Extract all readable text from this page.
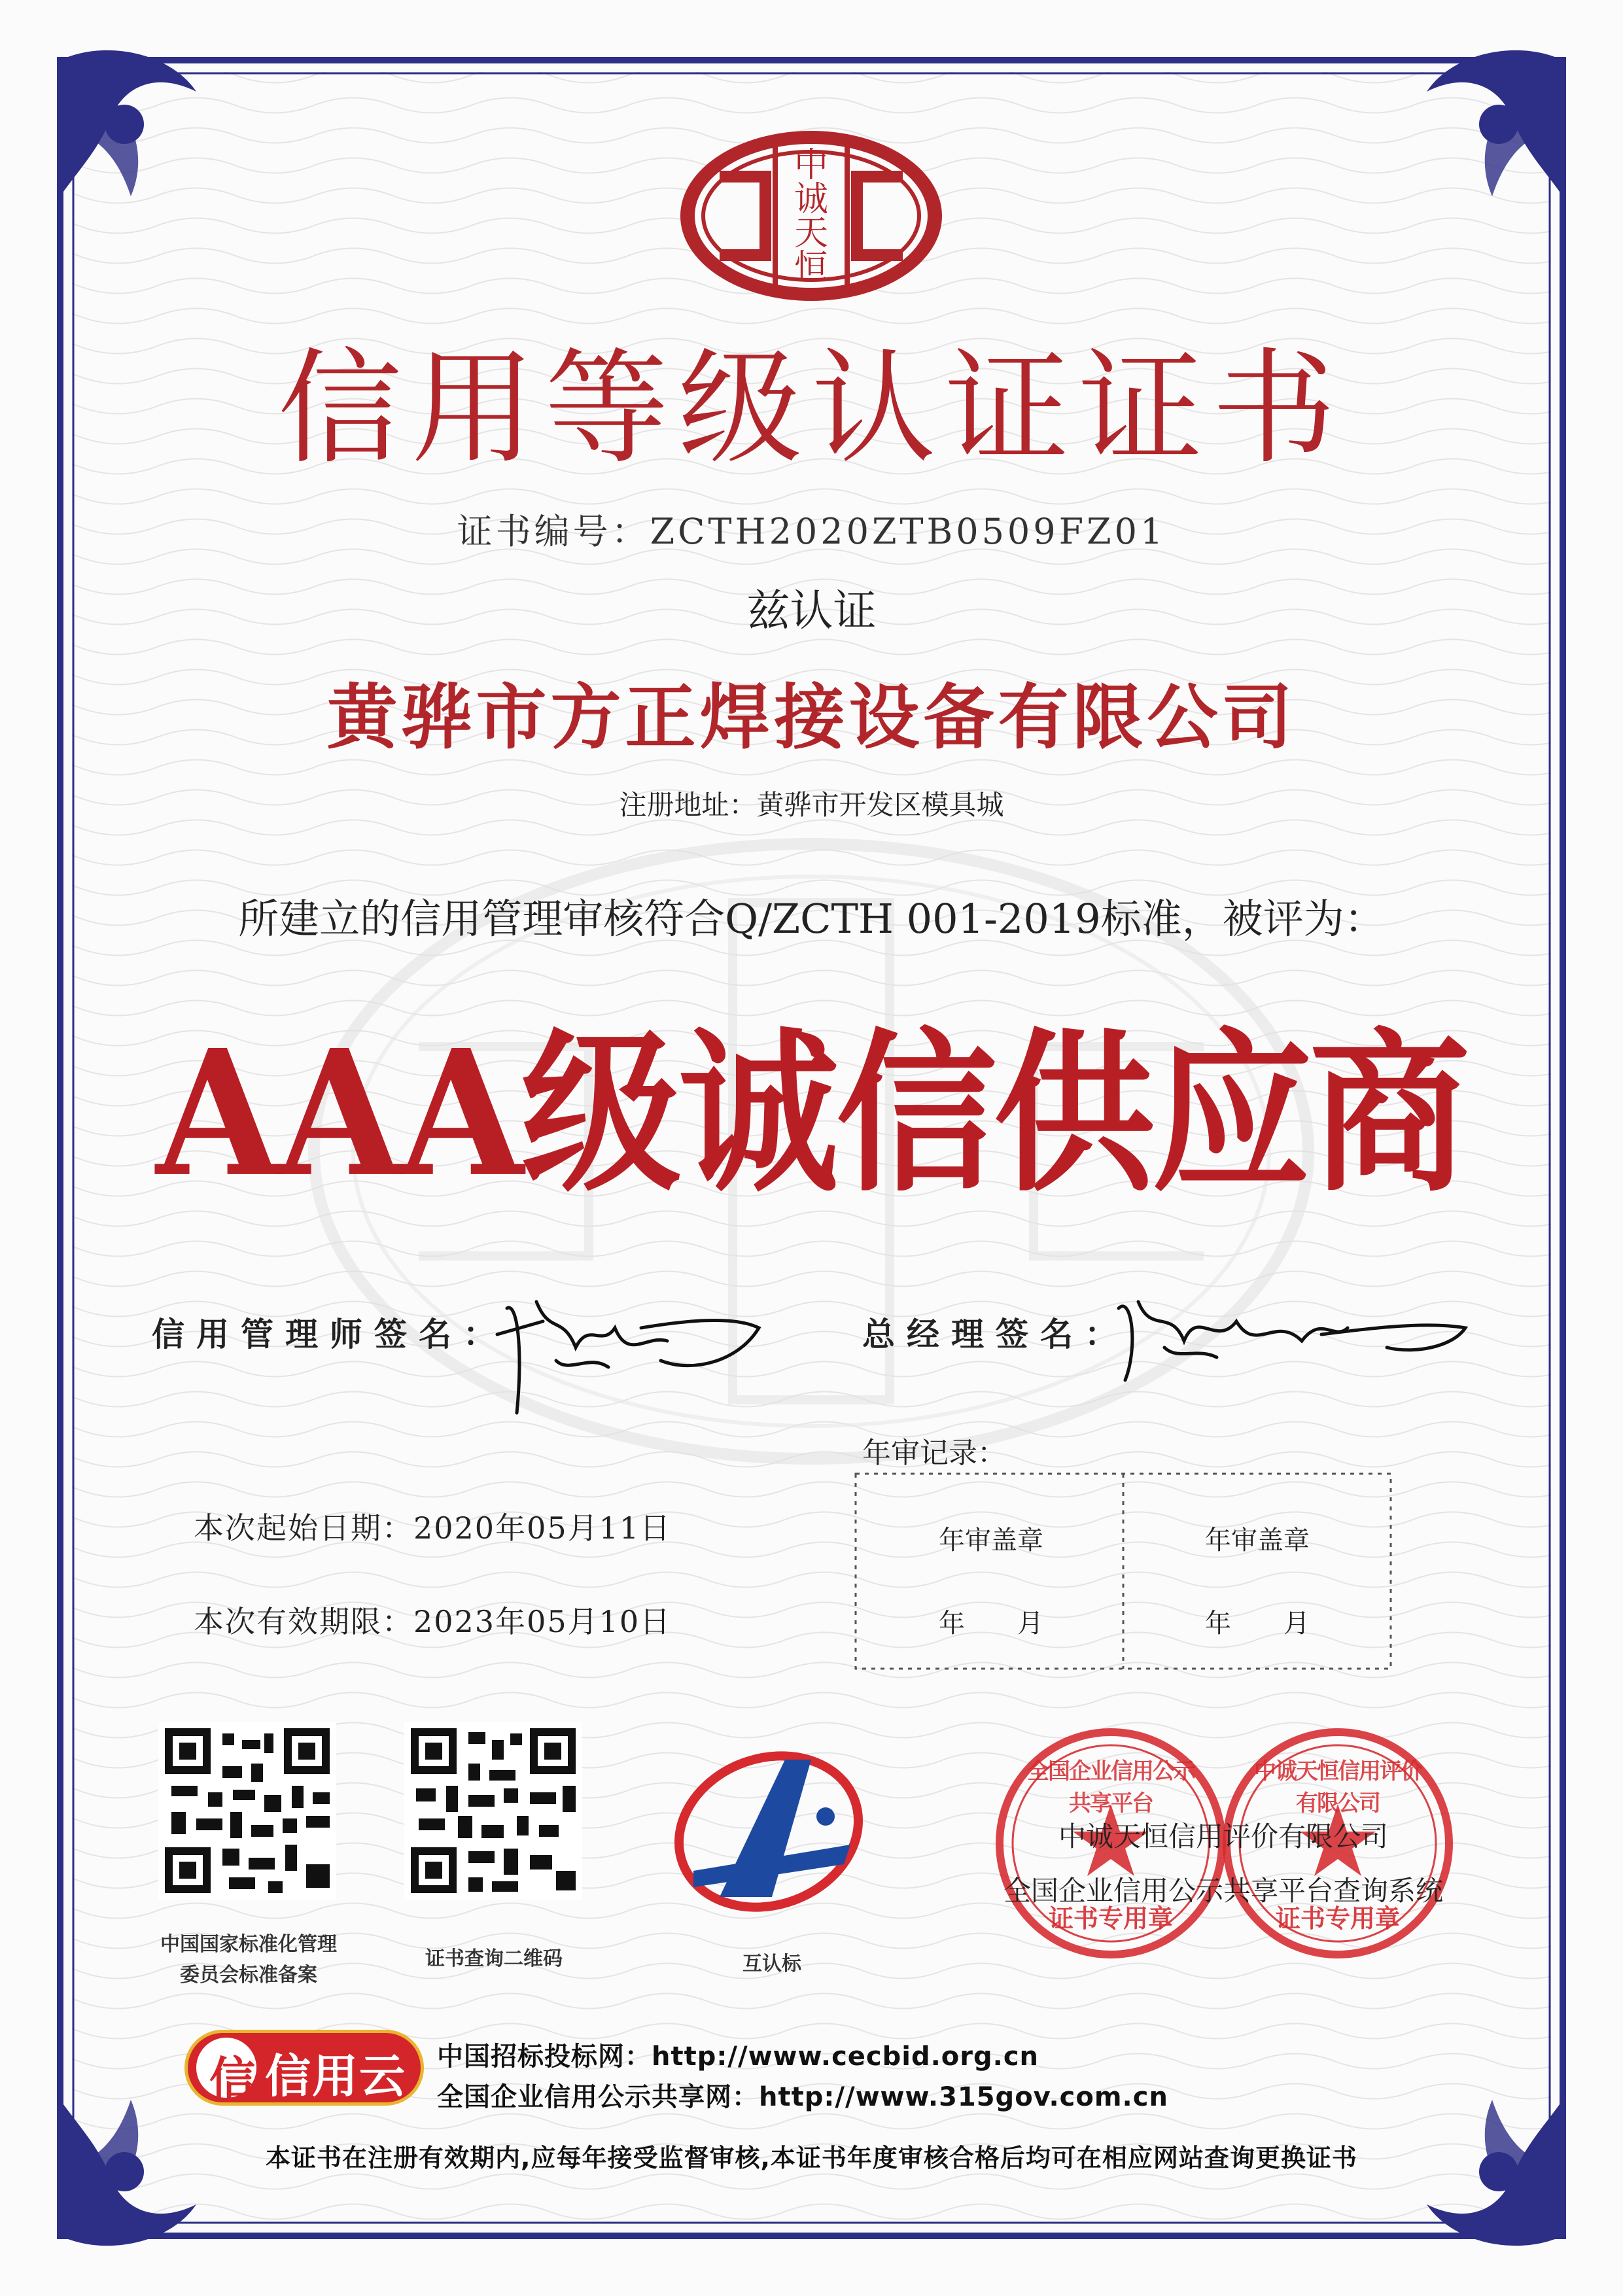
中
诚
天
恒
全国企业信用公示共享平台
证书专用章
中诚天恒信用评价有限公司
证书专用章
信用等级认证证书
证书编号：ZCTH2020ZTB0509FZ01
兹认证
黄骅市方正焊接设备有限公司
注册地址：黄骅市开发区模具城
所建立的信用管理审核符合Q/ZCTH 001-2019标准，被评为：
AAA级诚信供应商
信用管理师签名：	总经理签名：
本次起始日期：2020年05月11日
本次有效期限：2023年05月10日
年审记录：
年审盖章
年　　月
年审盖章
年　　月
中国国家标准化管理
委员会标准备案
证书查询二维码	互认标
中诚天恒信用评价有限公司
全国企业信用公示共享平台查询系统
信 信用云 中国招标投标网：http://www.cecbid.org.cn
全国企业信用公示共享网：http://www.315gov.com.cn
本证书在注册有效期内,应每年接受监督审核,本证书年度审核合格后均可在相应网站查询更换证书
